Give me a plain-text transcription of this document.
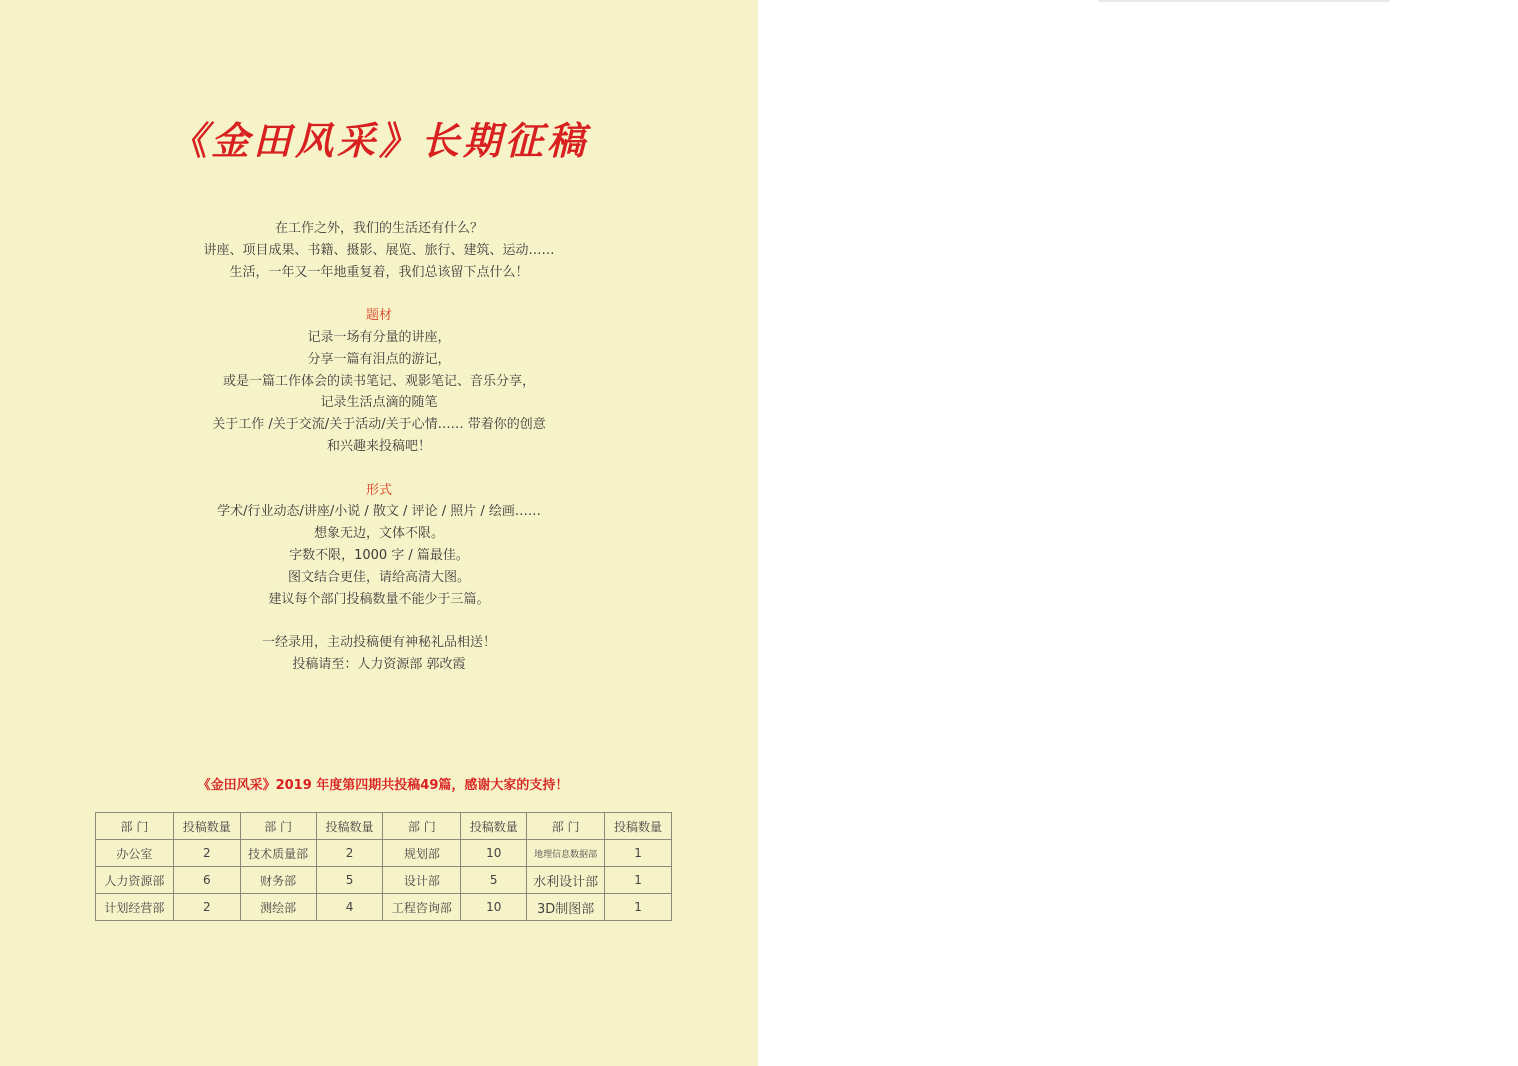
《金田风采》长期征稿
在工作之外，我们的生活还有什么？
讲座、项目成果、书籍、摄影、展览、旅行、建筑、运动……
生活，一年又一年地重复着，我们总该留下点什么！
题材
记录一场有分量的讲座，
分享一篇有泪点的游记，
或是一篇工作体会的读书笔记、观影笔记、音乐分享，
记录生活点滴的随笔
关于工作 /关于交流/关于活动/关于心情…… 带着你的创意
和兴趣来投稿吧！
形式
学术/行业动态/讲座/小说 / 散文 / 评论 / 照片 / 绘画……
想象无边，文体不限。
字数不限，1000 字 / 篇最佳。
图文结合更佳，请给高清大图。
建议每个部门投稿数量不能少于三篇。
一经录用，主动投稿便有神秘礼品相送！
投稿请至：人力资源部 郭改霞
《金田风采》2019 年度第四期共投稿49篇，感谢大家的支持！
部 门	投稿数量	部 门	投稿数量	部 门	投稿数量	部 门	投稿数量
办公室	2	技术质量部	2	规划部	10	地理信息数据部	1
人力资源部	6	财务部	5	设计部	5	水利设计部	1
计划经营部	2	测绘部	4	工程咨询部	10	3D制图部	1
